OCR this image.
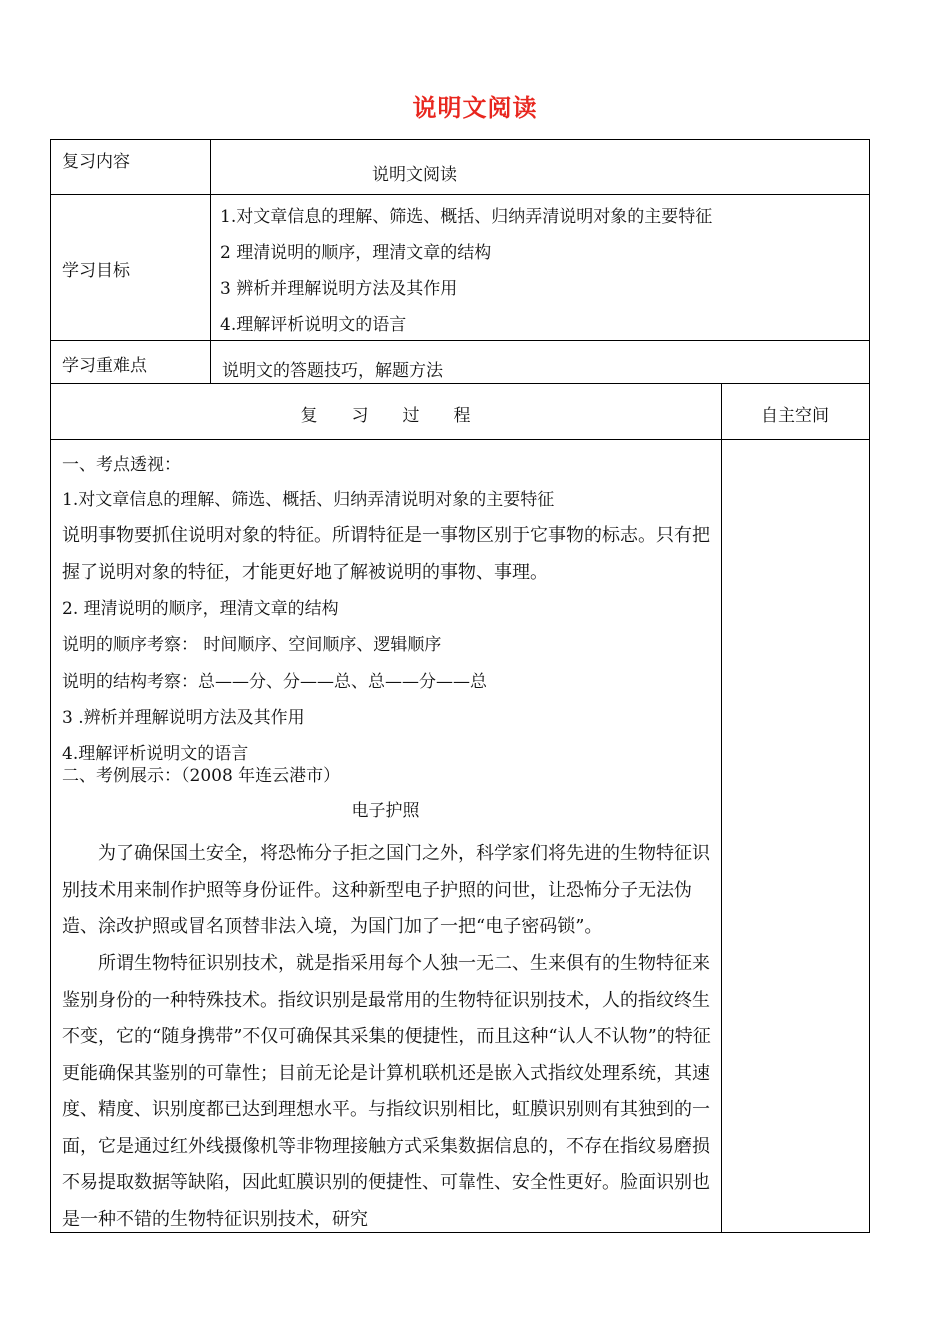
说明文阅读
复习内容
说明文阅读
学习目标
1.对文章信息的理解、筛选、概括、归纳弄清说明对象的主要特征
2 理清说明的顺序，理清文章的结构
3 辨析并理解说明方法及其作用
4.理解评析说明文的语言
学习重难点	说明文的答题技巧，解题方法
复　　习　　过　　程	自主空间
一、考点透视：
1.对文章信息的理解、筛选、概括、归纳弄清说明对象的主要特征
说明事物要抓住说明对象的特征。所谓特征是一事物区别于它事物的标志。只有把握了说明对象的特征，才能更好地了解被说明的事物、事理。
2. 理清说明的顺序，理清文章的结构
说明的顺序考察： 时间顺序、空间顺序、逻辑顺序
说明的结构考察：总——分、分——总、总——分——总
3 .辨析并理解说明方法及其作用
4.理解评析说明文的语言
二、考例展示：（2008 年连云港市）
电子护照
为了确保国土安全，将恐怖分子拒之国门之外，科学家们将先进的生物特征识别技术用来制作护照等身份证件。这种新型电子护照的问世，让恐怖分子无法伪造、涂改护照或冒名顶替非法入境，为国门加了一把“电子密码锁”。
所谓生物特征识别技术，就是指采用每个人独一无二、生来俱有的生物特征来鉴别身份的一种特殊技术。指纹识别是最常用的生物特征识别技术，人的指纹终生不变，它的“随身携带”不仅可确保其采集的便捷性，而且这种“认人不认物”的特征更能确保其鉴别的可靠性；目前无论是计算机联机还是嵌入式指纹处理系统，其速度、精度、识别度都已达到理想水平。与指纹识别相比，虹膜识别则有其独到的一面，它是通过红外线摄像机等非物理接触方式采集数据信息的，不存在指纹易磨损不易提取数据等缺陷，因此虹膜识别的便捷性、可靠性、安全性更好。脸面识别也是一种不错的生物特征识别技术，研究
